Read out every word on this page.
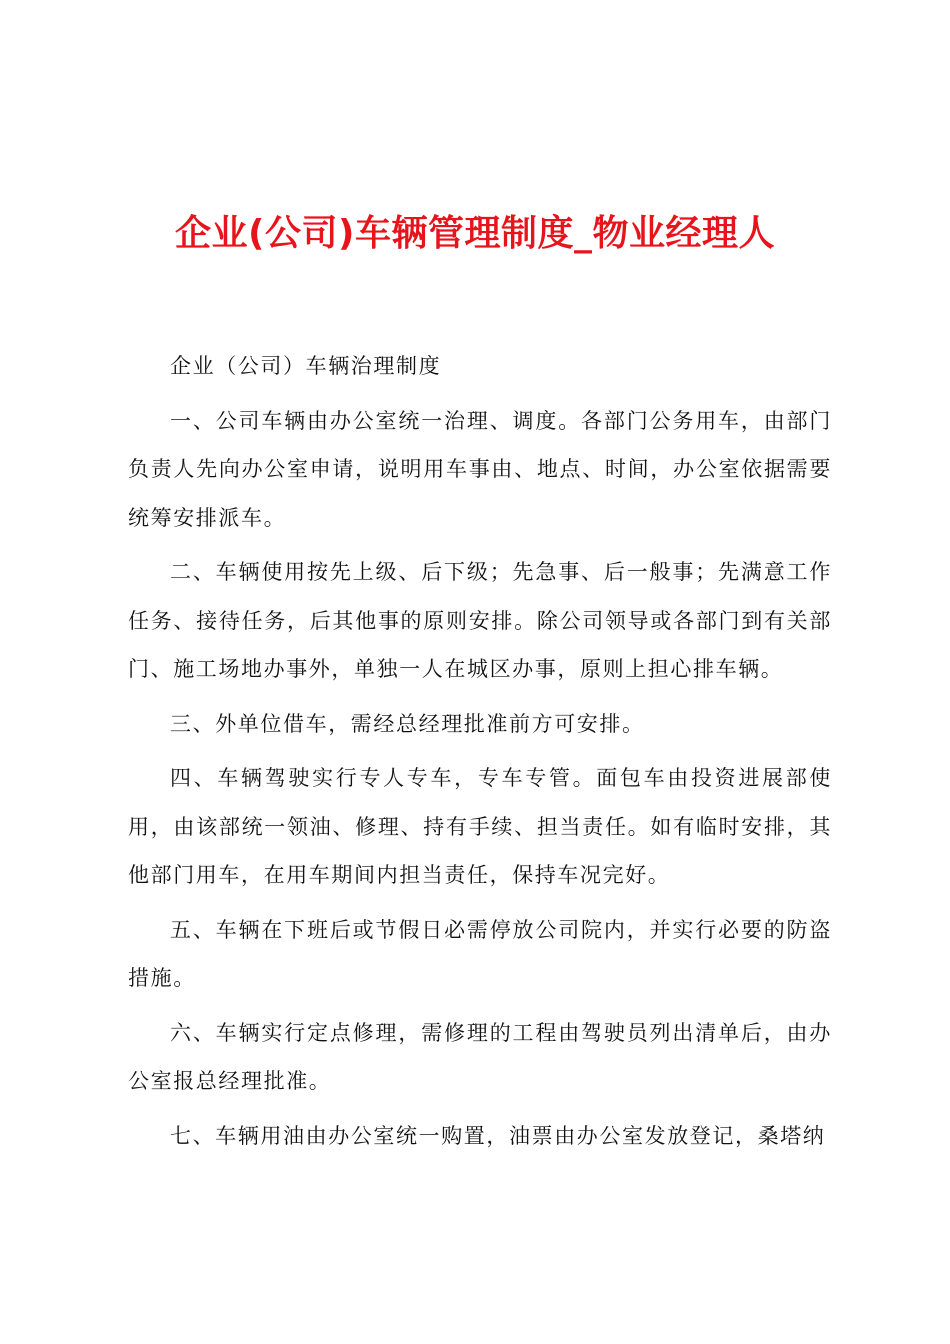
企业(公司)车辆管理制度_物业经理人

企业（公司）车辆治理制度

一、公司车辆由办公室统一治理、调度。各部门公务用车，由部门负责人先向办公室申请，说明用车事由、地点、时间，办公室依据需要统筹安排派车。

二、车辆使用按先上级、后下级；先急事、后一般事；先满意工作任务、接待任务，后其他事的原则安排。除公司领导或各部门到有关部门、施工场地办事外，单独一人在城区办事，原则上担心排车辆。

三、外单位借车，需经总经理批准前方可安排。

四、车辆驾驶实行专人专车，专车专管。面包车由投资进展部使用，由该部统一领油、修理、持有手续、担当责任。如有临时安排，其他部门用车，在用车期间内担当责任，保持车况完好。

五、车辆在下班后或节假日必需停放公司院内，并实行必要的防盗措施。

六、车辆实行定点修理，需修理的工程由驾驶员列出清单后，由办公室报总经理批准。

七、车辆用油由办公室统一购置，油票由办公室发放登记，桑塔纳
